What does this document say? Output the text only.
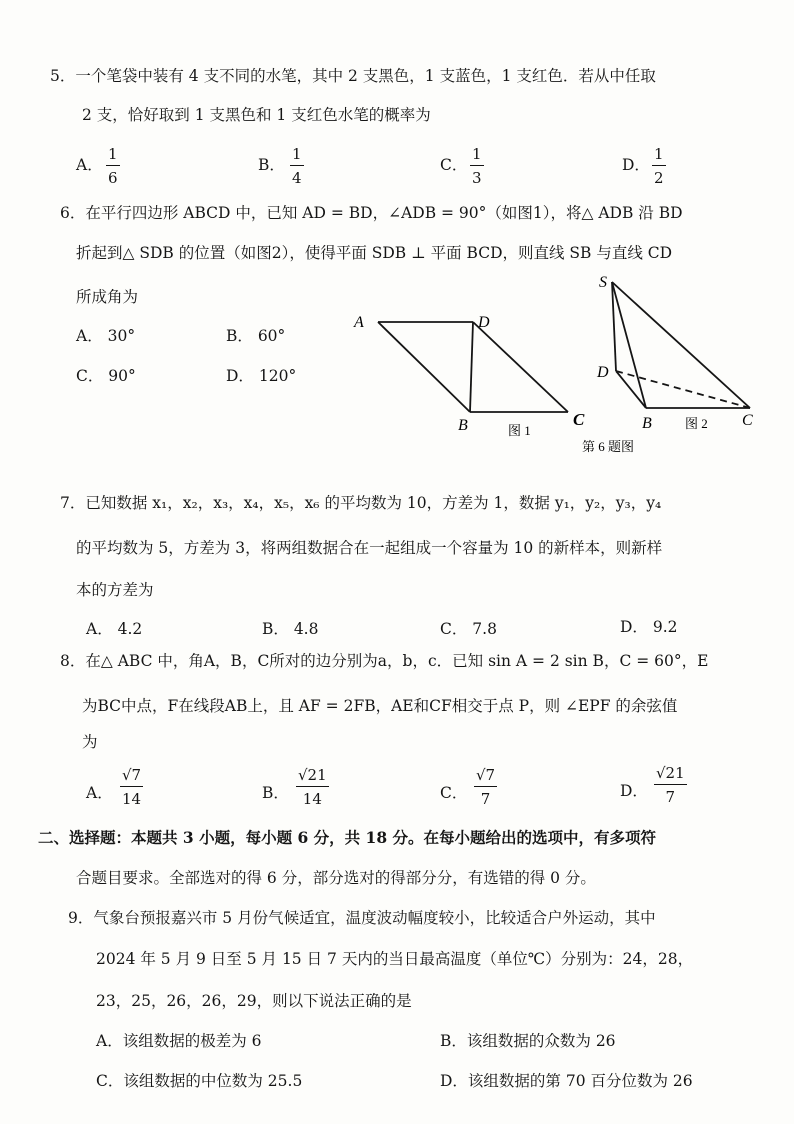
5．一个笔袋中装有 4 支不同的水笔，其中 2 支黑色，1 支蓝色，1 支红色．若从中任取
2 支，恰好取到 1 支黑色和 1 支红色水笔的概率为
A． $\frac{1}{6}$	B． $\frac{1}{4}$	C． $\frac{1}{3}$	D． $\frac{1}{2}$
6．在平行四边形 ABCD 中，已知 AD = BD，∠ADB = 90°（如图1），将△ ADB 沿 BD
折起到△ SDB 的位置（如图2），使得平面 SDB ⊥ 平面 BCD，则直线 SB 与直线 CD
所成角为
A． 30°	B． 60°
C． 90°	D． 120°
A	D
B	C
图 1
S
D
B	C
图 2
第 6 题图
7．已知数据 x₁，x₂，x₃，x₄，x₅，x₆ 的平均数为 10，方差为 1，数据 y₁，y₂，y₃，y₄
的平均数为 5，方差为 3，将两组数据合在一起组成一个容量为 10 的新样本，则新样
本的方差为
A． 4.2	B． 4.8	C． 7.8	D． 9.2
8．在△ ABC 中，角A，B，C所对的边分别为a，b，c．已知 sin A = 2 sin B，C = 60°，E
为BC中点，F在线段AB上，且 AF = 2FB，AE和CF相交于点 P，则 ∠EPF 的余弦值
为
A． $\frac{√7}{14}$	B． $\frac{√21}{14}$	C． $\frac{√7}{7}$	D． $\frac{√21}{7}$
二、选择题：本题共 3 小题，每小题 6 分，共 18 分。在每小题给出的选项中，有多项符
合题目要求。全部选对的得 6 分，部分选对的得部分分，有选错的得 0 分。
9．气象台预报嘉兴市 5 月份气候适宜，温度波动幅度较小，比较适合户外运动，其中
2024 年 5 月 9 日至 5 月 15 日 7 天内的当日最高温度（单位℃）分别为：24，28，
23，25，26，26，29，则以下说法正确的是
A．该组数据的极差为 6	B．该组数据的众数为 26
C．该组数据的中位数为 25.5	D．该组数据的第 70 百分位数为 26
